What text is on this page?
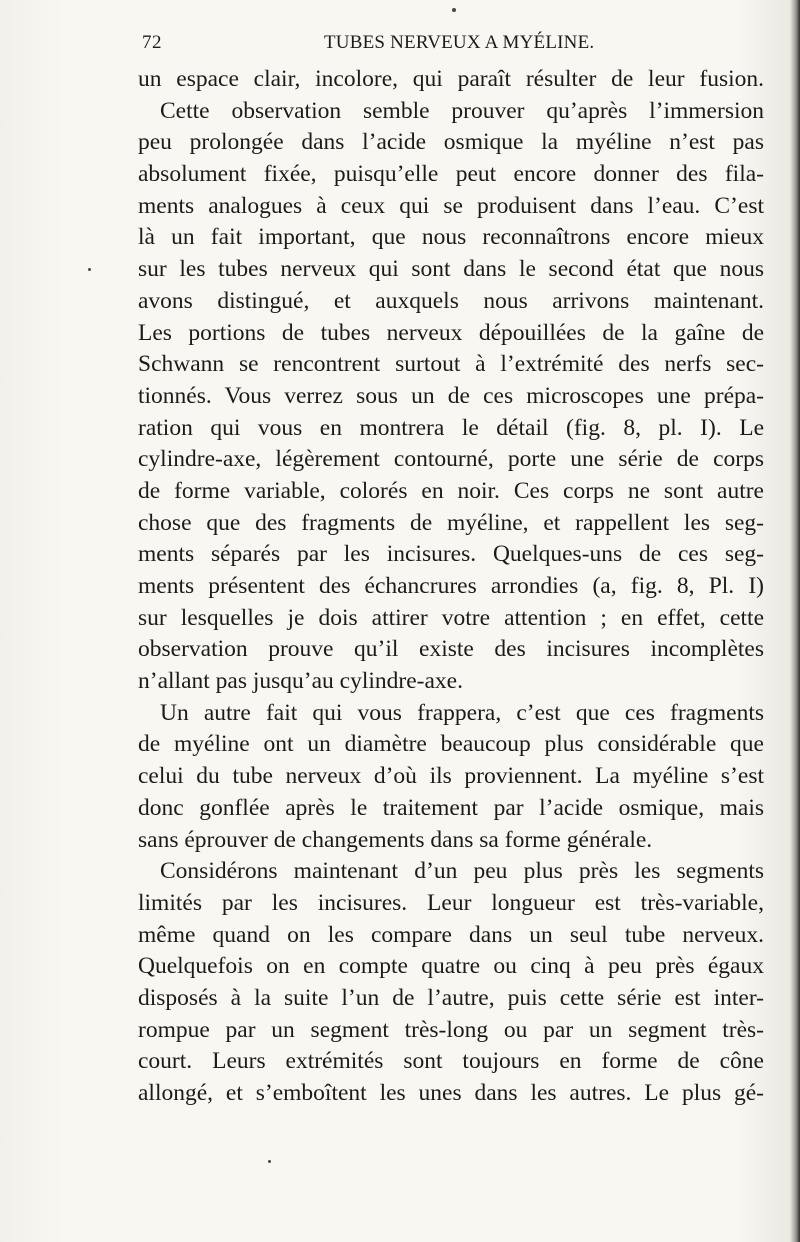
72	TUBES NERVEUX A MYÉLINE.
un espace clair, incolore, qui paraît résulter de leur fusion.
Cette observation semble prouver qu’après l’immersion
peu prolongée dans l’acide osmique la myéline n’est pas
absolument fixée, puisqu’elle peut encore donner des fila-
ments analogues à ceux qui se produisent dans l’eau. C’est
là un fait important, que nous reconnaîtrons encore mieux
sur les tubes nerveux qui sont dans le second état que nous
avons distingué, et auxquels nous arrivons maintenant.
Les portions de tubes nerveux dépouillées de la gaîne de
Schwann se rencontrent surtout à l’extrémité des nerfs sec-
tionnés. Vous verrez sous un de ces microscopes une prépa-
ration qui vous en montrera le détail (fig. 8, pl. I). Le
cylindre-axe, légèrement contourné, porte une série de corps
de forme variable, colorés en noir. Ces corps ne sont autre
chose que des fragments de myéline, et rappellent les seg-
ments séparés par les incisures. Quelques-uns de ces seg-
ments présentent des échancrures arrondies (a, fig. 8, Pl. I)
sur lesquelles je dois attirer votre attention ; en effet, cette
observation prouve qu’il existe des incisures incomplètes
n’allant pas jusqu’au cylindre-axe.
Un autre fait qui vous frappera, c’est que ces fragments
de myéline ont un diamètre beaucoup plus considérable que
celui du tube nerveux d’où ils proviennent. La myéline s’est
donc gonflée après le traitement par l’acide osmique, mais
sans éprouver de changements dans sa forme générale.
Considérons maintenant d’un peu plus près les segments
limités par les incisures. Leur longueur est très-variable,
même quand on les compare dans un seul tube nerveux.
Quelquefois on en compte quatre ou cinq à peu près égaux
disposés à la suite l’un de l’autre, puis cette série est inter-
rompue par un segment très-long ou par un segment très-
court. Leurs extrémités sont toujours en forme de cône
allongé, et s’emboîtent les unes dans les autres. Le plus gé-
